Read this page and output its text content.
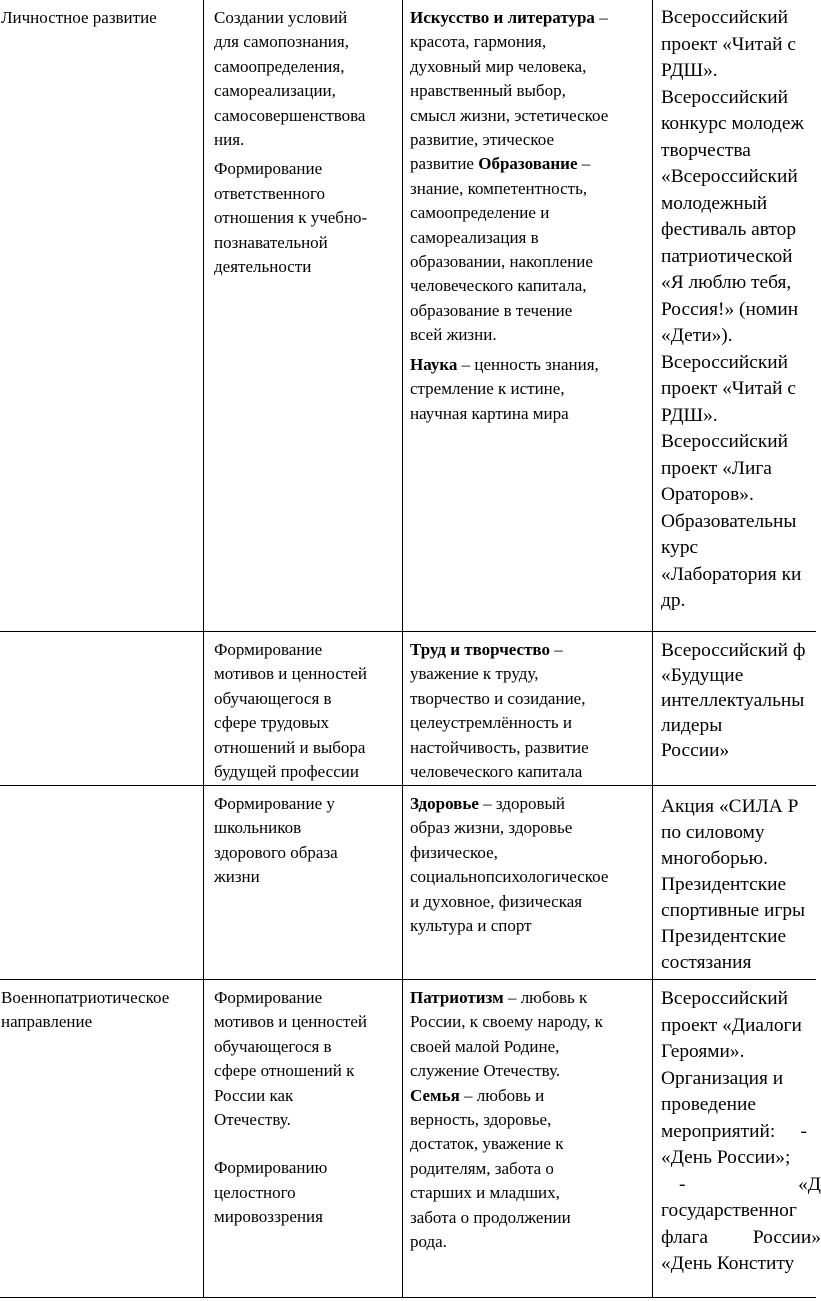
Личностное развитие	Создании условий
для самопознания,
самоопределения,
самореализации,
самосовершенствова
ния.
Формирование
ответственного
отношения к учебно-
познавательной
деятельности
Искусство и литература –
красота, гармония,
духовный мир человека,
нравственный выбор,
смысл жизни, эстетическое
развитие, этическое
развитие Образование –
знание, компетентность,
самоопределение и
самореализация в
образовании, накопление
человеческого капитала,
образование в течение
всей жизни.
Наука – ценность знания,
стремление к истине,
научная картина мира
Всероссийский
проект «Читай с
РДШ».
Всероссийский
конкурс молодеж
творчества
«Всероссийский
молодежный
фестиваль автор
патриотической
«Я люблю тебя,
Россия!» (номин
«Дети»).
Всероссийский
проект «Читай с
РДШ».
Всероссийский
проект «Лига
Ораторов».
Образовательны
курс
«Лаборатория ки
др.
Формирование
мотивов и ценностей
обучающегося в
сфере трудовых
отношений и выбора
будущей профессии
Труд и творчество –
уважение к труду,
творчество и созидание,
целеустремлённость и
настойчивость, развитие
человеческого капитала
Всероссийский ф
«Будущие
интеллектуальны
лидеры
России»
Формирование у
школьников
здорового образа
жизни
Здоровье – здоровый
образ жизни, здоровье
физическое,
социальнопсихологическое
и духовное, физическая
культура и спорт
Акция «СИЛА Р
по силовому
многоборью.
Президентские
спортивные игры
Президентские
состязания
Военнопатриотическое
направление
Формирование
мотивов и ценностей
обучающегося в
сфере отношений к
России как
Отечеству.
Формированию
целостного
мировоззрения
Патриотизм – любовь к
России, к своему народу, к
своей малой Родине,
служение Отечеству.
Семья – любовь и
верность, здоровье,
достаток, уважение к
родителям, забота о
старших и младших,
забота о продолжении
рода.
Всероссийский
проект «Диалоги
Героями».
Организация и
проведение
мероприятий: -
«День России»;
-	«Д
государственног
флага России»
«День Конститу
